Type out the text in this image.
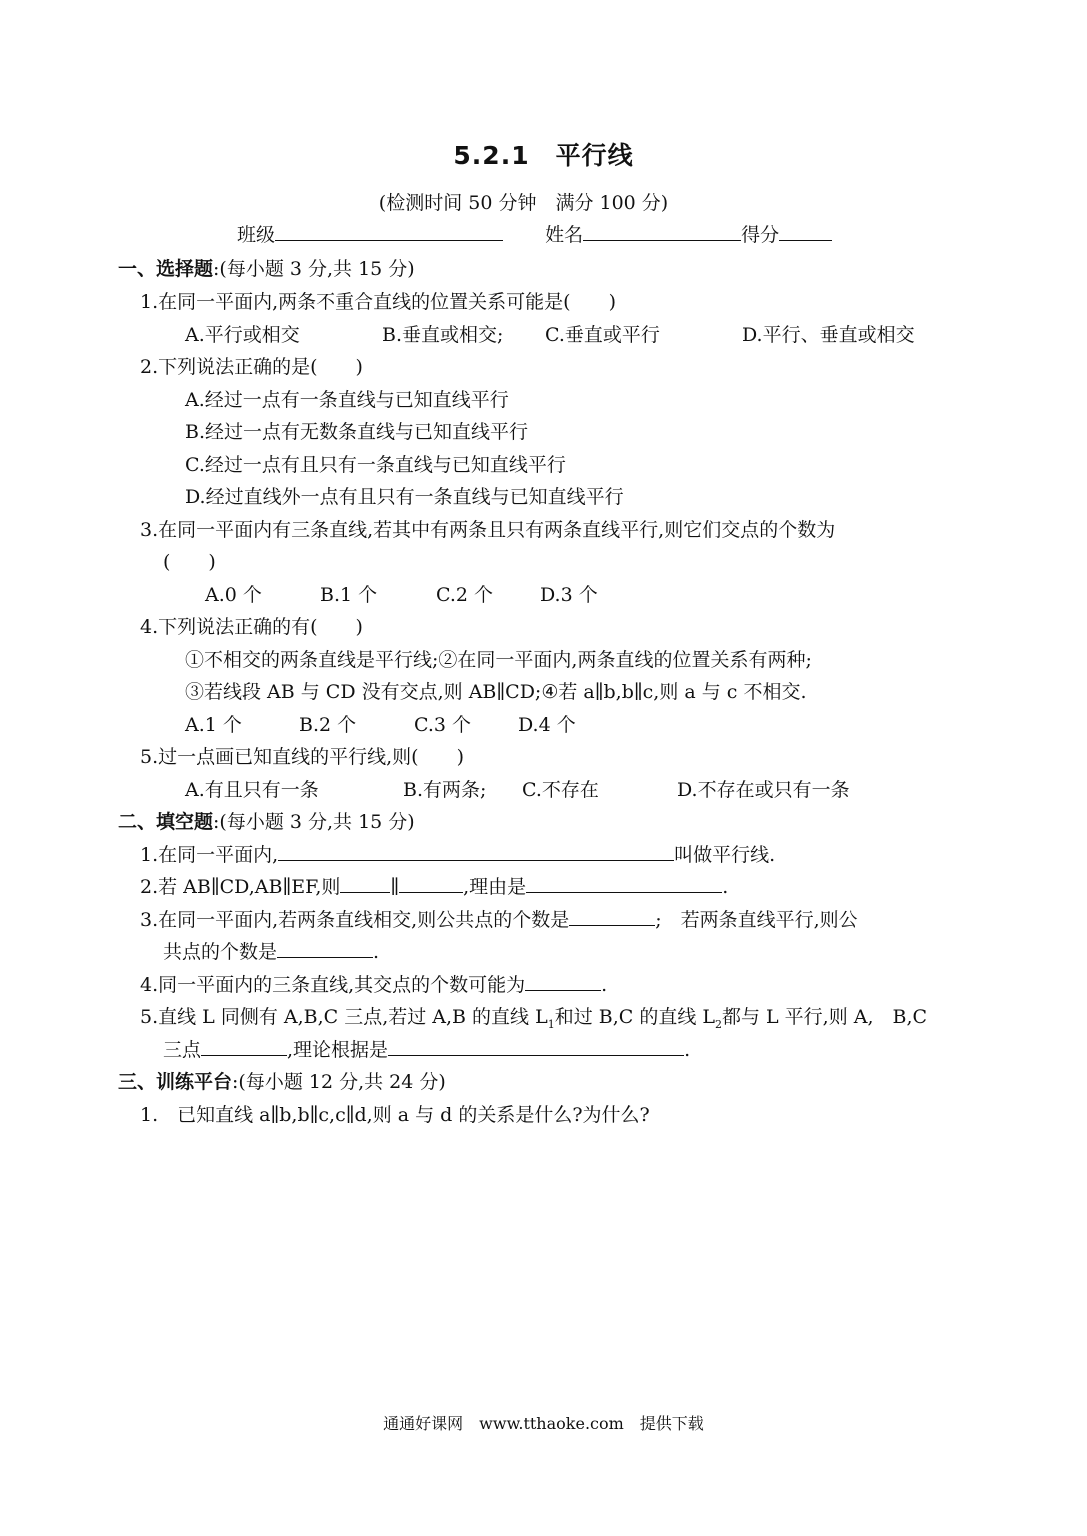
5.2.1　平行线
(检测时间 50 分钟　满分 100 分)
班级	姓名	得分
一、选择题:(每小题 3 分,共 15 分)
1.在同一平面内,两条不重合直线的位置关系可能是(　　)
A.平行或相交	B.垂直或相交; C.垂直或平行	D.平行、垂直或相交
2.下列说法正确的是(　　)
A.经过一点有一条直线与已知直线平行
B.经过一点有无数条直线与已知直线平行
C.经过一点有且只有一条直线与已知直线平行
D.经过直线外一点有且只有一条直线与已知直线平行
3.在同一平面内有三条直线,若其中有两条且只有两条直线平行,则它们交点的个数为
(　　)
A.0 个	B.1 个	C.2 个 D.3 个
4.下列说法正确的有(　　)
①不相交的两条直线是平行线;②在同一平面内,两条直线的位置关系有两种;
③若线段 AB 与 CD 没有交点,则 AB∥CD;④若 a∥b,b∥c,则 a 与 c 不相交.
A.1 个	B.2 个	C.3 个 D.4 个
5.过一点画已知直线的平行线,则(　　)
A.有且只有一条	B.有两条; C.不存在	D.不存在或只有一条
二、填空题:(每小题 3 分,共 15 分)
1.在同一平面内,	叫做平行线.
2.若 AB∥CD,AB∥EF,则	∥	,理由是	.
3.在同一平面内,若两条直线相交,则公共点的个数是	;　若两条直线平行,则公
共点的个数是	.
4.同一平面内的三条直线,其交点的个数可能为	.
5.直线 L 同侧有 A,B,C 三点,若过 A,B 的直线 $L_1$和过 B,C 的直线 $L_2$都与 L 平行,则 A,　B,C
三点	,理论根据是	.
三、训练平台:(每小题 12 分,共 24 分)
1.　已知直线 a∥b,b∥c,c∥d,则 a 与 d 的关系是什么?为什么?
通通好课网　www.tthaoke.com　提供下载
